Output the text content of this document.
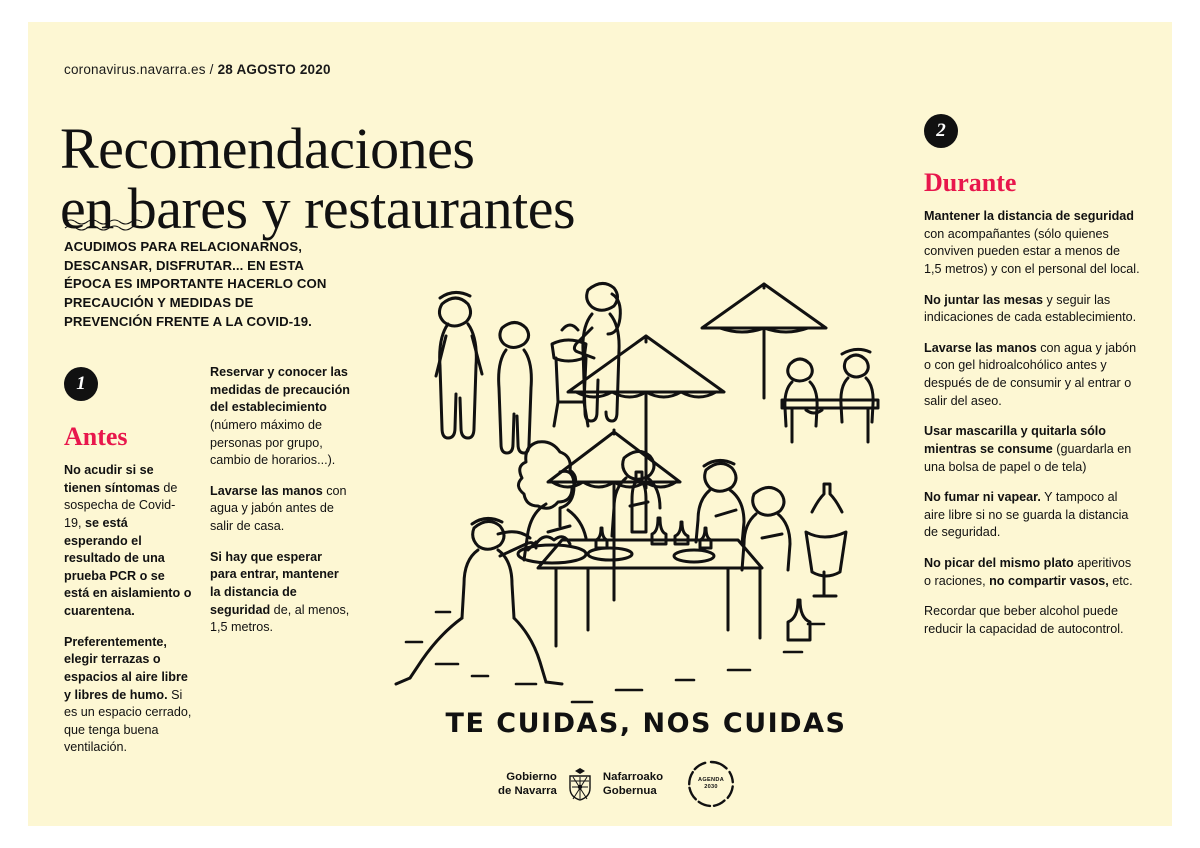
coronavirus.navarra.es / 28 AGOSTO 2020
Recomendaciones
en bares y restaurantes
ACUDIMOS PARA RELACIONARNOS, DESCANSAR, DISFRUTAR... EN ESTA ÉPOCA ES IMPORTANTE HACERLO CON PRECAUCIÓN Y MEDIDAS DE PREVENCIÓN FRENTE A LA COVID-19.
1
Antes
2
Durante

No acudir si se tienen síntomas de sospecha de Covid-19, se está esperando el resultado de una prueba PCR o se está en aislamiento o cuarentena.

Preferentemente, elegir terrazas o espacios al aire libre y libres de humo. Si es un espacio cerrado, que tenga buena ventilación.

Reservar y conocer las medidas de precaución del establecimiento (número máximo de personas por grupo, cambio de horarios...).

Lavarse las manos con agua y jabón antes de salir de casa.

Si hay que esperar para entrar, mantener la distancia de seguridad de, al menos, 1,5 metros.

Mantener la distancia de seguridad con acompañantes (sólo quienes conviven pueden estar a menos de 1,5 metros) y con el personal del local.

No juntar las mesas y seguir las indicaciones de cada establecimiento.

Lavarse las manos con agua y jabón o con gel hidroalcohólico antes y después de de consumir y al entrar o salir del aseo.

Usar mascarilla y quitarla sólo mientras se consume (guardarla en una bolsa de papel o de tela)

No fumar ni vapear. Y tampoco al aire libre si no se guarda la distancia de seguridad.

No picar del mismo plato aperitivos o raciones, no compartir vasos, etc.

Recordar que beber alcohol puede reducir la capacidad de autocontrol.

TE CUIDAS, NOS CUIDAS
Gobierno
de Navarra
Nafarroako
Gobernua
AGENDA
2030
